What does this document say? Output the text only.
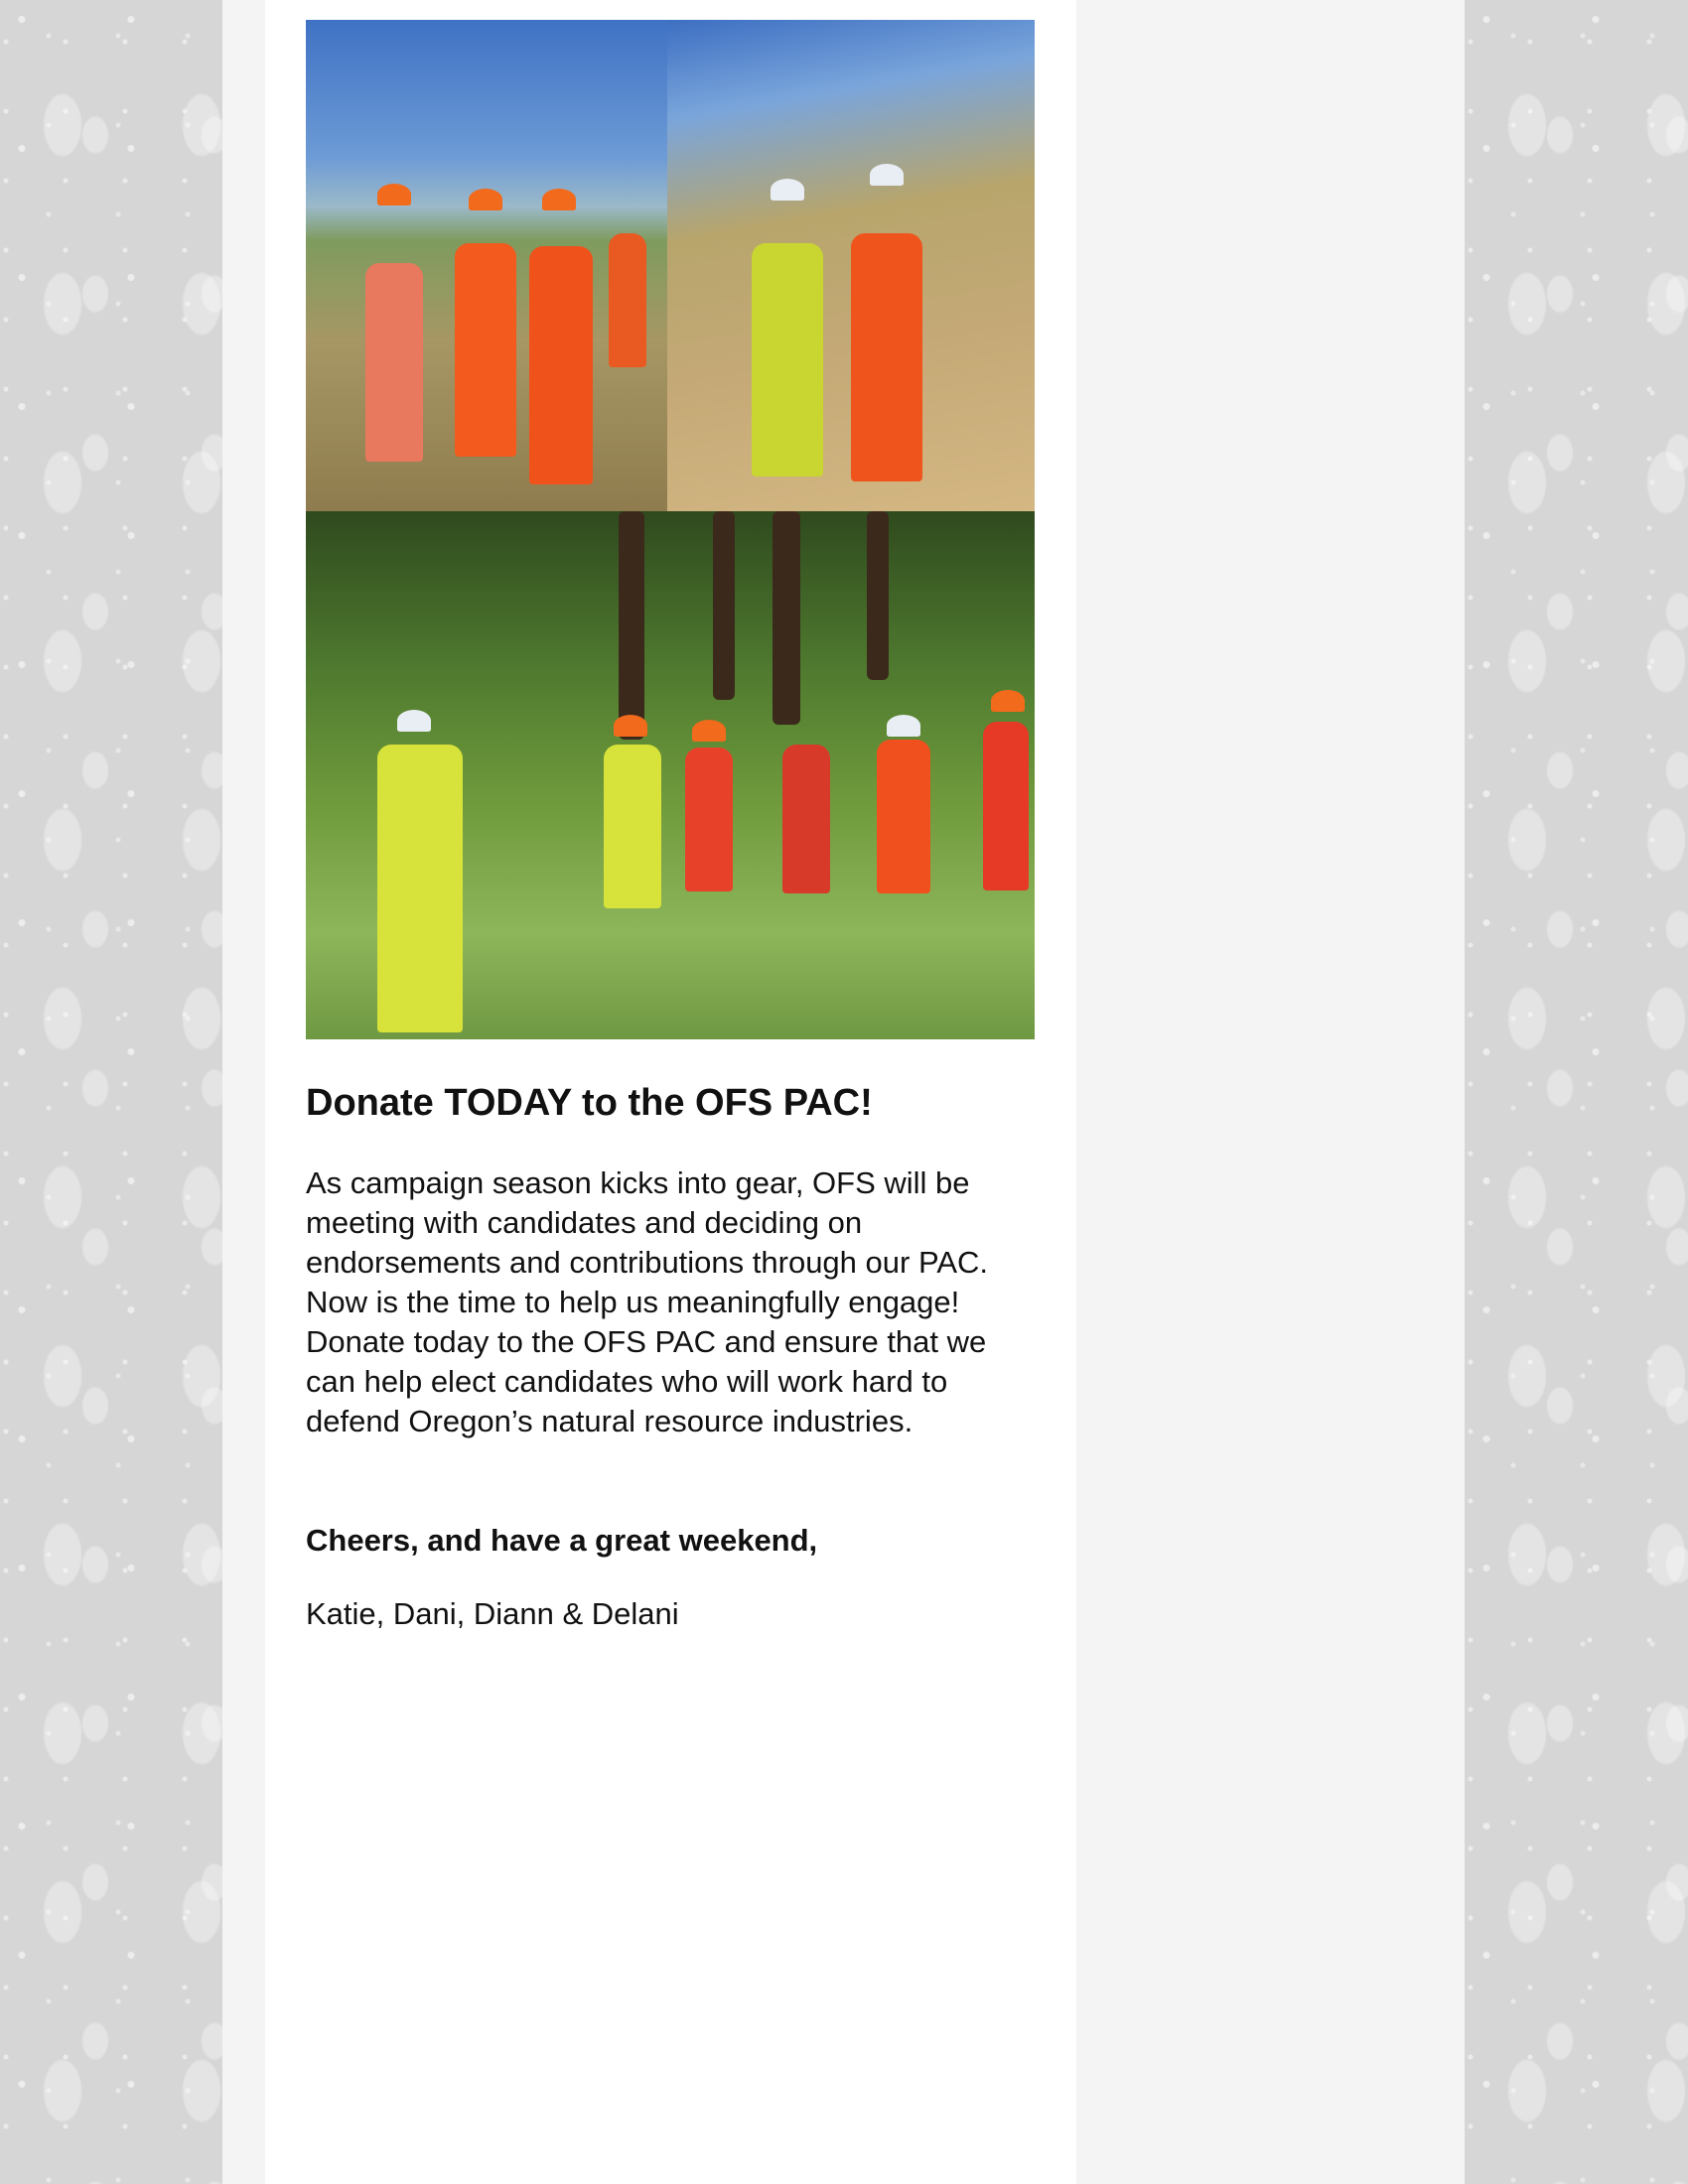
Donate TODAY to the OFS PAC!

As campaign season kicks into gear, OFS will be meeting with candidates and deciding on endorsements and contributions through our PAC. Now is the time to help us meaningfully engage! Donate today to the OFS PAC and ensure that we can help elect candidates who will work hard to defend Oregon’s natural resource industries.

Cheers, and have a great weekend,

Katie, Dani, Diann & Delani
